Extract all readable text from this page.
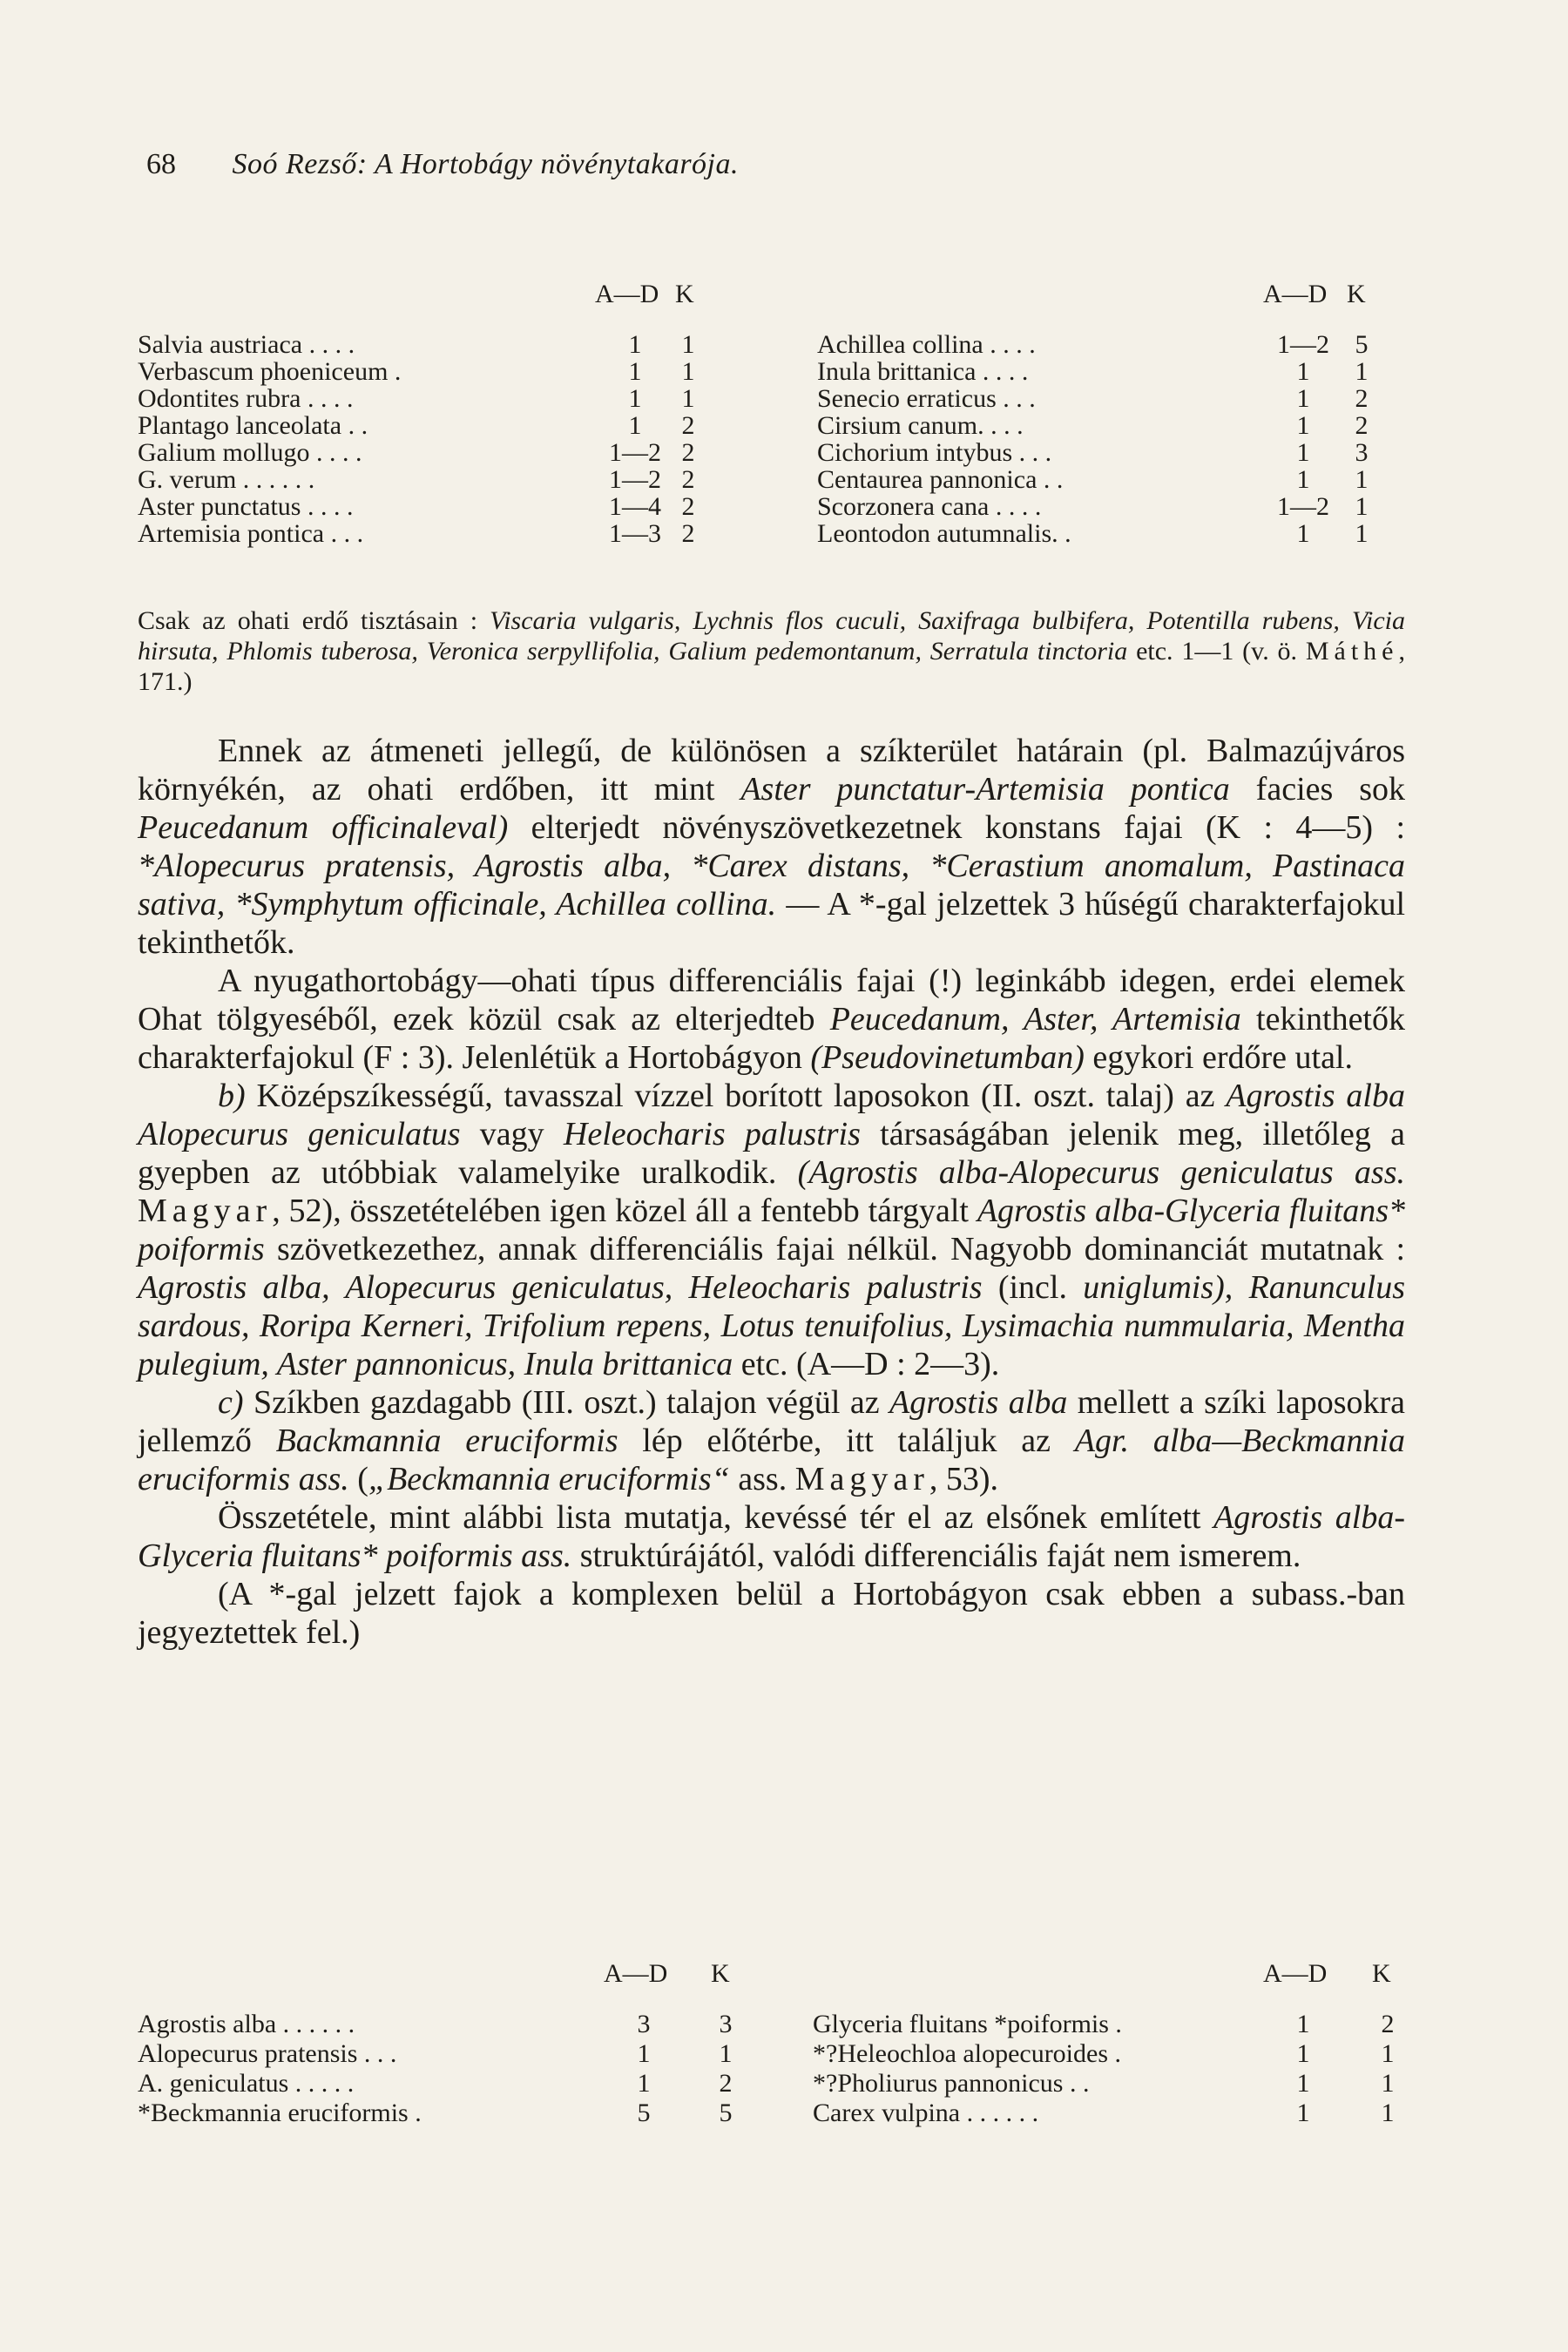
68 Soó Rezső: A Hortobágy növénytakarója.
A—D K	A—D K
Salvia austriaca . . . .	1	1
Verbascum phoeniceum .	1	1
Odontites rubra . . . .	1	1
Plantago lanceolata . .	1	2
Galium mollugo . . . .	1—2 2
G. verum . . . . . .	1—2 2
Aster punctatus . . . .	1—4 2
Artemisia pontica . . .	1—3 2
Achillea collina . . . .	1—2 5
Inula brittanica . . . .	1	1
Senecio erraticus . . .	1	2
Cirsium canum. . . .	1	2
Cichorium intybus . . .	1	3
Centaurea pannonica . .	1	1
Scorzonera cana . . . .	1—2 1
Leontodon autumnalis. .	1	1
Csak az ohati erdő tisztásain : Viscaria vulgaris, Lychnis flos cuculi, Saxifraga bulbifera, Potentilla rubens, Vicia hirsuta, Phlomis tuberosa, Veronica serpyllifolia, Galium pedemontanum, Serratula tinctoria etc. 1—1 (v. ö. Máthé, 171.)

Ennek az átmeneti jellegű, de különösen a szíkterület határain (pl. Balmazújváros környékén, az ohati erdőben, itt mint Aster punctatur-Artemisia pontica facies sok Peucedanum officinaleval) elterjedt növényszövetkezetnek konstans fajai (K : 4—5) : *Alopecurus pratensis, Agrostis alba, *Carex distans, *Cerastium anomalum, Pastinaca sativa, *Symphytum officinale, Achillea collina. — A *-gal jelzettek 3 hűségű charakterfajokul tekinthetők.

A nyugathortobágy—ohati típus differenciális fajai (!) leginkább idegen, erdei elemek Ohat tölgyeséből, ezek közül csak az elterjedteb Peucedanum, Aster, Artemisia tekinthetők charakterfajokul (F : 3). Jelenlétük a Hortobágyon (Pseudovinetumban) egykori erdőre utal.

b) Középszíkességű, tavasszal vízzel borított laposokon (II. oszt. talaj) az Agrostis alba Alopecurus geniculatus vagy Heleocharis palustris társaságában jelenik meg, illetőleg a gyepben az utóbbiak valamelyike uralkodik. (Agrostis alba-Alopecurus geniculatus ass. Magyar, 52), összetételében igen közel áll a fentebb tárgyalt Agrostis alba-Glyceria fluitans* poiformis szövetkezethez, annak differenciális fajai nélkül. Nagyobb dominanciát mutatnak : Agrostis alba, Alopecurus geniculatus, Heleocharis palustris (incl. uniglumis), Ranunculus sardous, Roripa Kerneri, Trifolium repens, Lotus tenuifolius, Lysimachia nummularia, Mentha pulegium, Aster pannonicus, Inula brittanica etc. (A—D : 2—3).

c) Szíkben gazdagabb (III. oszt.) talajon végül az Agrostis alba mellett a szíki laposokra jellemző Backmannia eruciformis lép előtérbe, itt találjuk az Agr. alba—Beckmannia eruciformis ass. („Beckmannia eruciformis“ ass. Magyar, 53).

Összetétele, mint alábbi lista mutatja, kevéssé tér el az elsőnek említett Agrostis alba-Glyceria fluitans* poiformis ass. struktúrájától, valódi differenciális faját nem ismerem.

(A *-gal jelzett fajok a komplexen belül a Hortobágyon csak ebben a subass.-ban jegyeztettek fel.)

A—D K	A—D K
Agrostis alba . . . . . .	3	3
Alopecurus pratensis . . .	1	1
A. geniculatus . . . . .	1	2
*Beckmannia eruciformis .	5	5
Glyceria fluitans *poiformis .	1	2
*?Heleochloa alopecuroides .	1	1
*?Pholiurus pannonicus . .	1	1
Carex vulpina . . . . . .	1	1
